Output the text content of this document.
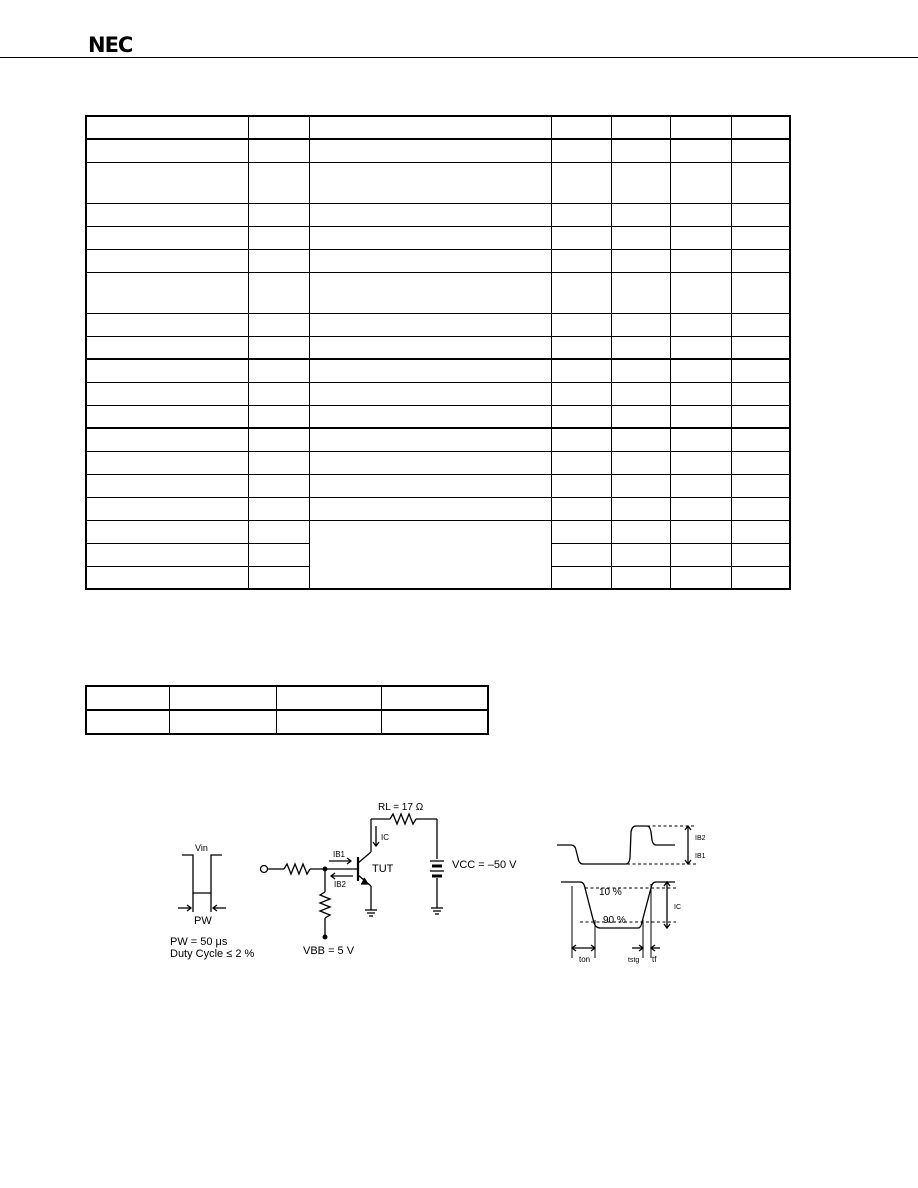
NEC

Vin
PW
PW = 50 μs
Duty Cycle ≤ 2 %
RL = 17 Ω
IB1
IB2
IC
TUT	VCC = –50 V
VBB = 5 V
IB2
IB1
10 %
90 %
IC
ton	tstg tf
